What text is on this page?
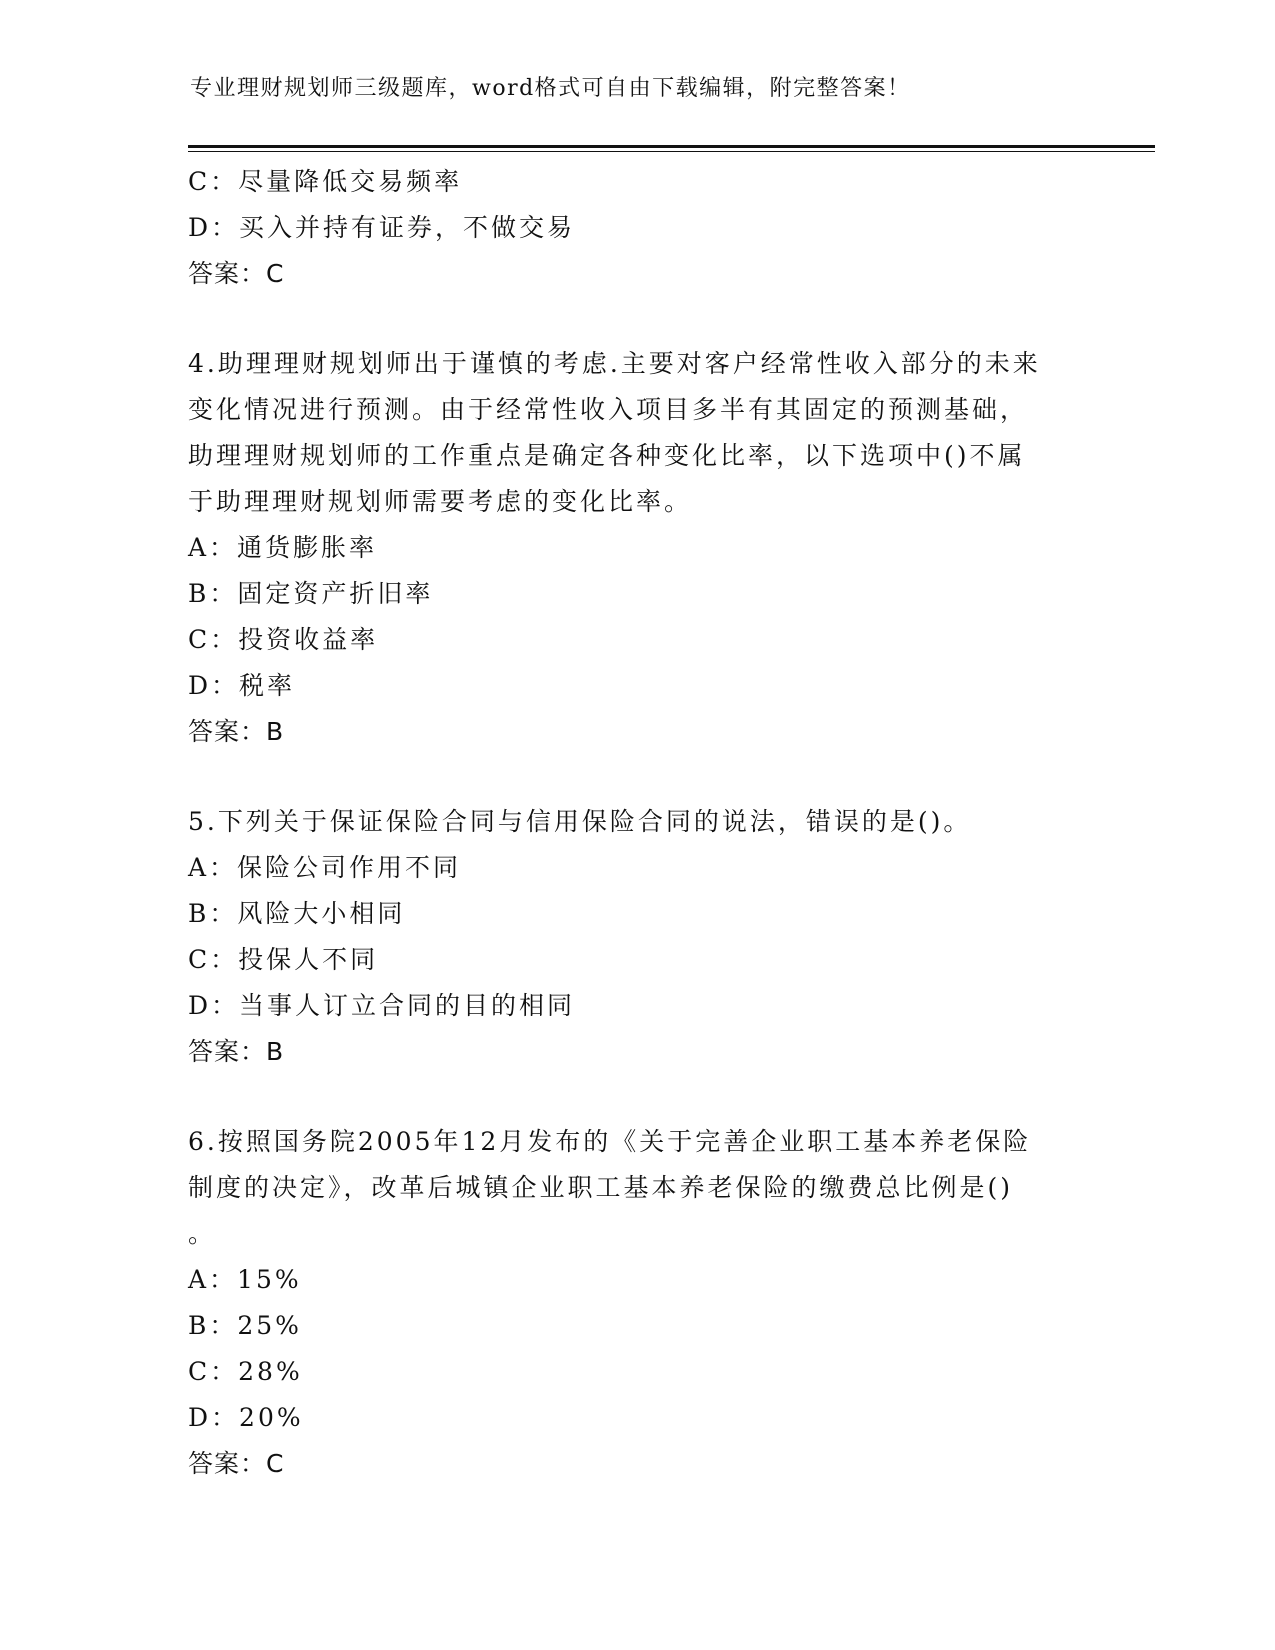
专业理财规划师三级题库，word格式可自由下载编辑，附完整答案！
C：尽量降低交易频率
D：买入并持有证券，不做交易
答案：C
4.助理理财规划师出于谨慎的考虑.主要对客户经常性收入部分的未来
变化情况进行预测。由于经常性收入项目多半有其固定的预测基础，
助理理财规划师的工作重点是确定各种变化比率，以下选项中()不属
于助理理财规划师需要考虑的变化比率。
A：通货膨胀率
B：固定资产折旧率
C：投资收益率
D：税率
答案：B
5.下列关于保证保险合同与信用保险合同的说法，错误的是()。
A：保险公司作用不同
B：风险大小相同
C：投保人不同
D：当事人订立合同的目的相同
答案：B
6.按照国务院2005年12月发布的《关于完善企业职工基本养老保险
制度的决定》，改革后城镇企业职工基本养老保险的缴费总比例是()
。
A：15%
B：25%
C：28%
D：20%
答案：C
